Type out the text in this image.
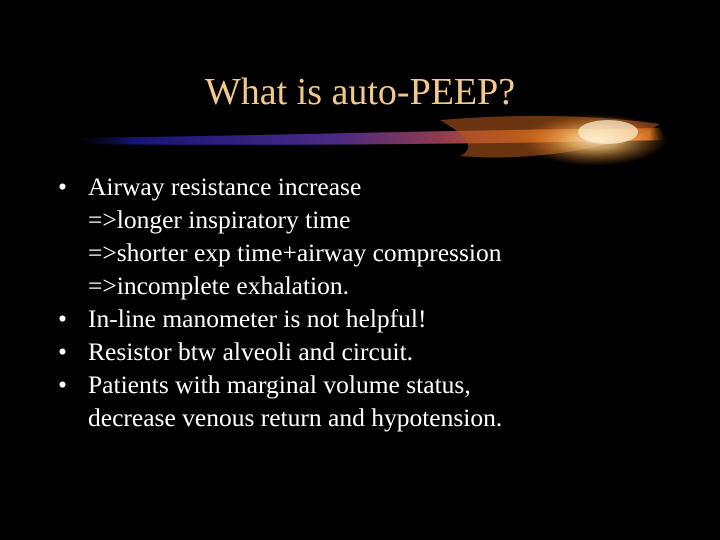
What is auto-PEEP?
• Airway resistance increase
=>longer inspiratory time
=>shorter exp time+airway compression
=>incomplete exhalation.
• In-line manometer is not helpful!
• Resistor btw alveoli and circuit.
• Patients with marginal volume status,
decrease venous return and hypotension.
